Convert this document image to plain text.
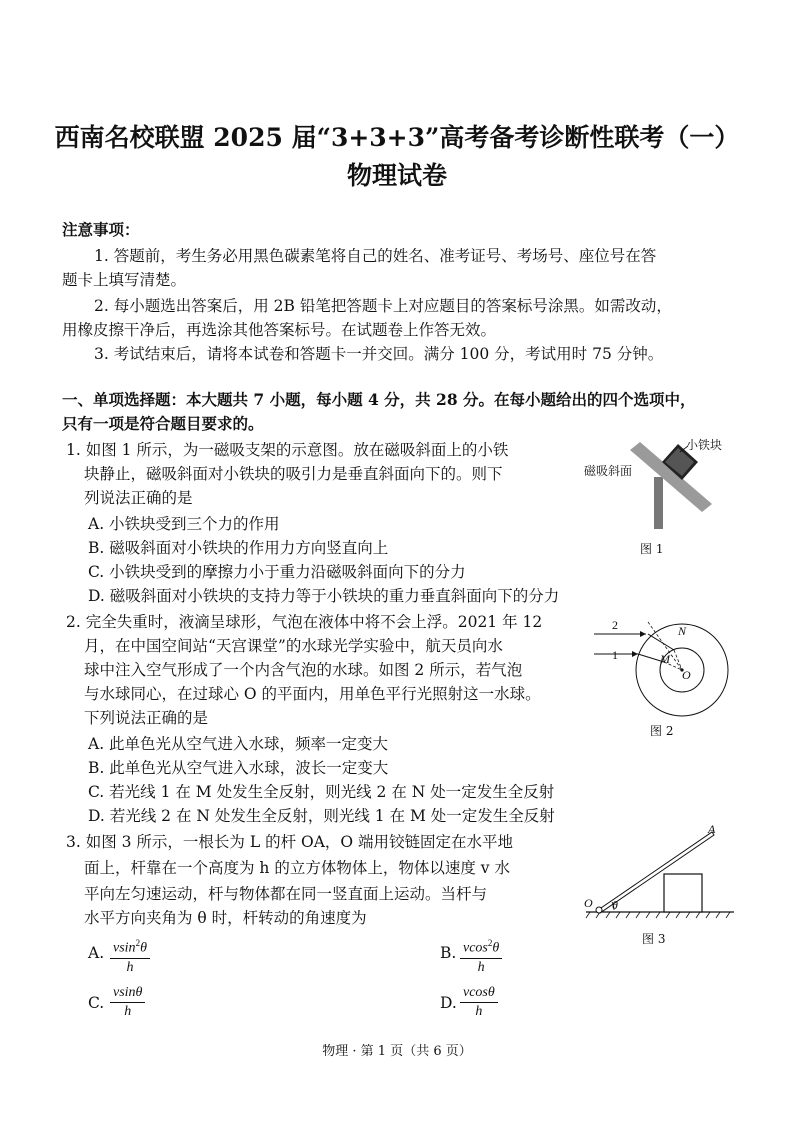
西南名校联盟 2025 届“3+3+3”高考备考诊断性联考（一）
物理试卷
注意事项：
1. 答题前，考生务必用黑色碳素笔将自己的姓名、准考证号、考场号、座位号在答
题卡上填写清楚。
2. 每小题选出答案后，用 2B 铅笔把答题卡上对应题目的答案标号涂黑。如需改动，
用橡皮擦干净后，再选涂其他答案标号。在试题卷上作答无效。
3. 考试结束后，请将本试卷和答题卡一并交回。满分 100 分，考试用时 75 分钟。
一、单项选择题：本大题共 7 小题，每小题 4 分，共 28 分。在每小题给出的四个选项中，
只有一项是符合题目要求的。
1. 如图 1 所示，为一磁吸支架的示意图。放在磁吸斜面上的小铁
块静止，磁吸斜面对小铁块的吸引力是垂直斜面向下的。则下
列说法正确的是
A. 小铁块受到三个力的作用
B. 磁吸斜面对小铁块的作用力方向竖直向上
C. 小铁块受到的摩擦力小于重力沿磁吸斜面向下的分力
D. 磁吸斜面对小铁块的支持力等于小铁块的重力垂直斜面向下的分力
小铁块
磁吸斜面
图 1
2. 完全失重时，液滴呈球形，气泡在液体中将不会上浮。2021 年 12
月，在中国空间站“天宫课堂”的水球光学实验中，航天员向水
球中注入空气形成了一个内含气泡的水球。如图 2 所示，若气泡
与水球同心，在过球心 O 的平面内，用单色平行光照射这一水球。
下列说法正确的是
A. 此单色光从空气进入水球，频率一定变大
B. 此单色光从空气进入水球，波长一定变大
C. 若光线 1 在 M 处发生全反射，则光线 2 在 N 处一定发生全反射
D. 若光线 2 在 N 处发生全反射，则光线 1 在 M 处一定发生全反射
2
1
N
M
O
图 2
3. 如图 3 所示，一根长为 L 的杆 OA，O 端用铰链固定在水平地
面上，杆靠在一个高度为 h 的立方体物体上，物体以速度 v 水
平向左匀速运动，杆与物体都在同一竖直面上运动。当杆与
水平方向夹角为 θ 时，杆转动的角速度为
A. $\frac{vsin^2\theta}{h}$	B. $\frac{vcos^2\theta}{h}$
C. $\frac{vsin\theta}{h}$	D. $\frac{vcos\theta}{h}$
A
O θ
图 3
物理 · 第 1 页（共 6 页）
